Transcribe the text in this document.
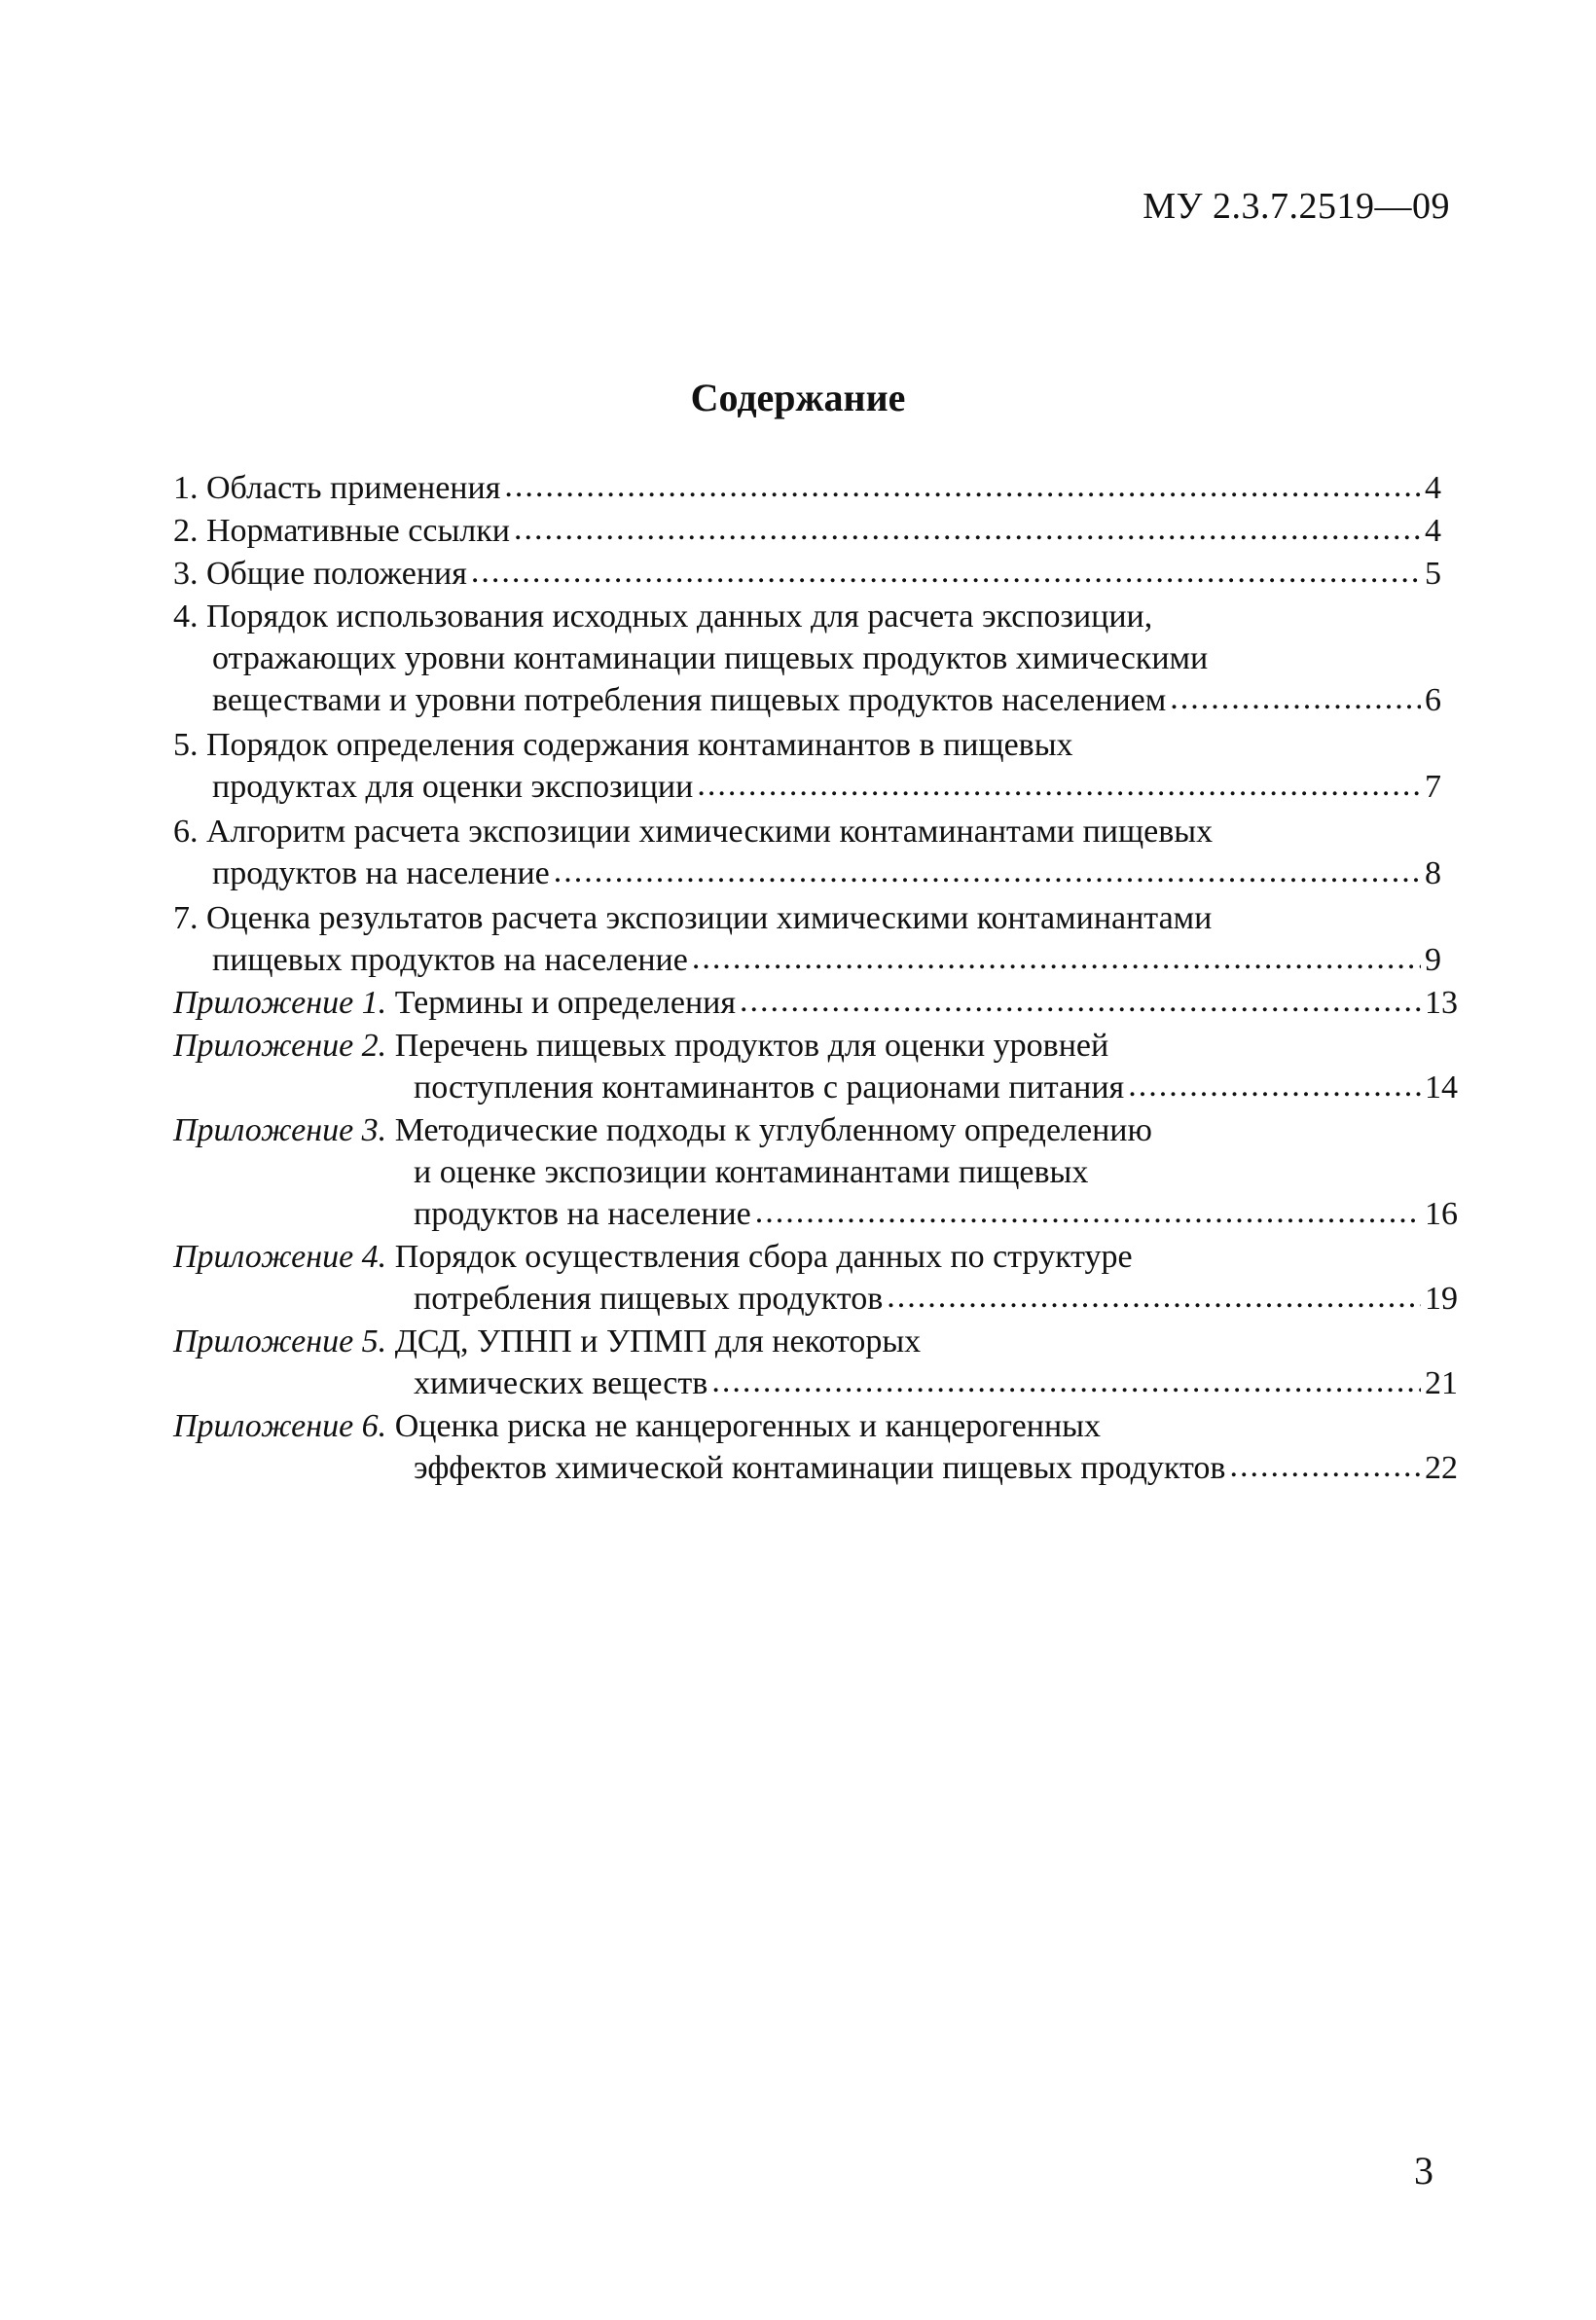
МУ 2.3.7.2519—09
Содержание
1. Область применения .....	4
2. Нормативные ссылки .....	4
3. Общие положения .....	5
4. Порядок использования исходных данных для расчета экспозиции,
отражающих уровни контаминации пищевых продуктов химическими
веществами и уровни потребления пищевых продуктов населением .....	6
5. Порядок определения содержания контаминантов в пищевых
продуктах для оценки экспозиции .....	7
6. Алгоритм расчета экспозиции химическими контаминантами пищевых
продуктов на население .....	8
7. Оценка результатов расчета экспозиции химическими контаминантами
пищевых продуктов на население .....	9
Приложение 1. Термины и определения .....	13
Приложение 2. Перечень пищевых продуктов для оценки уровней
поступления контаминантов с рационами питания .....	14
Приложение 3. Методические подходы к углубленному определению
и оценке экспозиции контаминантами пищевых
продуктов на население .....	16
Приложение 4. Порядок осуществления сбора данных по структуре
потребления пищевых продуктов .....	19
Приложение 5. ДСД, УПНП и УПМП для некоторых
химических веществ .....	21
Приложение 6. Оценка риска не канцерогенных и канцерогенных
эффектов химической контаминации пищевых продуктов .....	22
3
